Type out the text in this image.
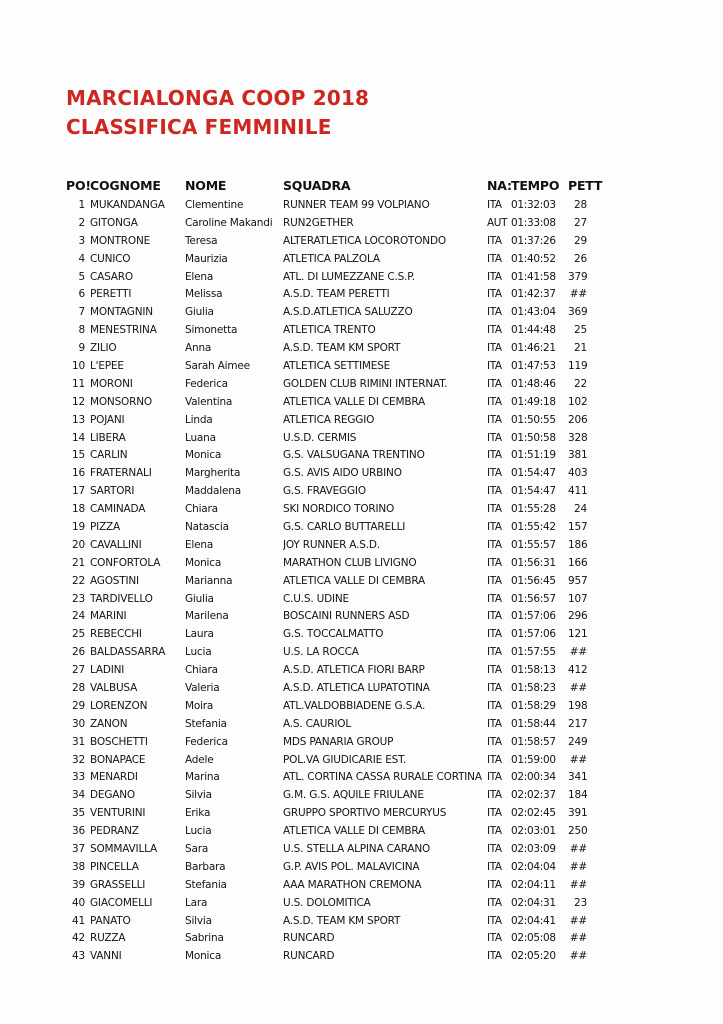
MARCIALONGA COOP 2018
CLASSIFICA FEMMINILE
PO!	COGNOME	NOME	SQUADRA	NA:	TEMPO	PETT
1	MUKANDANGA	Clementine	RUNNER TEAM 99 VOLPIANO	ITA	01:32:03	28
2	GITONGA	Caroline Makandi	RUN2GETHER	AUT	01:33:08	27
3	MONTRONE	Teresa	ALTERATLETICA LOCOROTONDO	ITA	01:37:26	29
4	CUNICO	Maurizia	ATLETICA PALZOLA	ITA	01:40:52	26
5	CASARO	Elena	ATL. DI LUMEZZANE C.S.P.	ITA	01:41:58	379
6	PERETTI	Melissa	A.S.D. TEAM PERETTI	ITA	01:42:37	##
7	MONTAGNIN	Giulia	A.S.D.ATLETICA SALUZZO	ITA	01:43:04	369
8	MENESTRINA	Simonetta	ATLETICA TRENTO	ITA	01:44:48	25
9	ZILIO	Anna	A.S.D. TEAM KM SPORT	ITA	01:46:21	21
10	L'EPEE	Sarah Aimee	ATLETICA SETTIMESE	ITA	01:47:53	119
11	MORONI	Federica	GOLDEN CLUB RIMINI INTERNAT.	ITA	01:48:46	22
12	MONSORNO	Valentina	ATLETICA VALLE DI CEMBRA	ITA	01:49:18	102
13	POJANI	Linda	ATLETICA REGGIO	ITA	01:50:55	206
14	LIBERA	Luana	U.S.D. CERMIS	ITA	01:50:58	328
15	CARLIN	Monica	G.S. VALSUGANA TRENTINO	ITA	01:51:19	381
16	FRATERNALI	Margherita	G.S. AVIS AIDO URBINO	ITA	01:54:47	403
17	SARTORI	Maddalena	G.S. FRAVEGGIO	ITA	01:54:47	411
18	CAMINADA	Chiara	SKI NORDICO TORINO	ITA	01:55:28	24
19	PIZZA	Natascia	G.S. CARLO BUTTARELLI	ITA	01:55:42	157
20	CAVALLINI	Elena	JOY RUNNER A.S.D.	ITA	01:55:57	186
21	CONFORTOLA	Monica	MARATHON CLUB LIVIGNO	ITA	01:56:31	166
22	AGOSTINI	Marianna	ATLETICA VALLE DI CEMBRA	ITA	01:56:45	957
23	TARDIVELLO	Giulia	C.U.S. UDINE	ITA	01:56:57	107
24	MARINI	Marilena	BOSCAINI RUNNERS ASD	ITA	01:57:06	296
25	REBECCHI	Laura	G.S. TOCCALMATTO	ITA	01:57:06	121
26	BALDASSARRA	Lucia	U.S. LA ROCCA	ITA	01:57:55	##
27	LADINI	Chiara	A.S.D. ATLETICA FIORI BARP	ITA	01:58:13	412
28	VALBUSA	Valeria	A.S.D. ATLETICA LUPATOTINA	ITA	01:58:23	##
29	LORENZON	Moira	ATL.VALDOBBIADENE G.S.A.	ITA	01:58:29	198
30	ZANON	Stefania	A.S. CAURIOL	ITA	01:58:44	217
31	BOSCHETTI	Federica	MDS PANARIA GROUP	ITA	01:58:57	249
32	BONAPACE	Adele	POL.VA GIUDICARIE EST.	ITA	01:59:00	##
33	MENARDI	Marina	ATL. CORTINA CASSA RURALE CORTINA	ITA	02:00:34	341
34	DEGANO	Silvia	G.M. G.S. AQUILE FRIULANE	ITA	02:02:37	184
35	VENTURINI	Erika	GRUPPO SPORTIVO MERCURYUS	ITA	02:02:45	391
36	PEDRANZ	Lucia	ATLETICA VALLE DI CEMBRA	ITA	02:03:01	250
37	SOMMAVILLA	Sara	U.S. STELLA ALPINA CARANO	ITA	02:03:09	##
38	PINCELLA	Barbara	G.P. AVIS POL. MALAVICINA	ITA	02:04:04	##
39	GRASSELLI	Stefania	AAA MARATHON CREMONA	ITA	02:04:11	##
40	GIACOMELLI	Lara	U.S. DOLOMITICA	ITA	02:04:31	23
41	PANATO	Silvia	A.S.D. TEAM KM SPORT	ITA	02:04:41	##
42	RUZZA	Sabrina	RUNCARD	ITA	02:05:08	##
43	VANNI	Monica	RUNCARD	ITA	02:05:20	##
